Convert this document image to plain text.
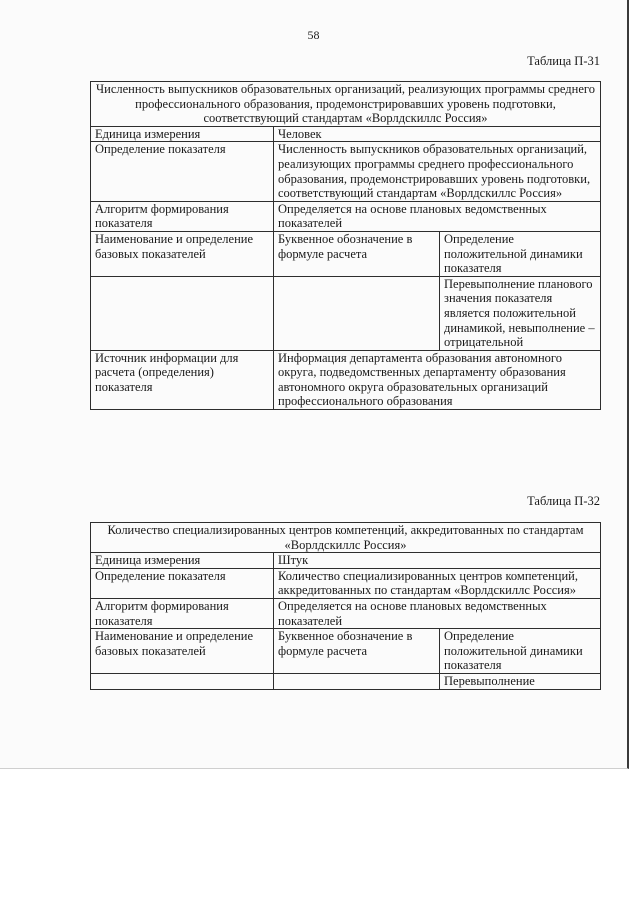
58
Таблица П-31
Численность выпускников образовательных организаций, реализующих программы среднего профессионального образования, продемонстрировавших уровень подготовки, соответствующий стандартам «Ворлдскиллс Россия»		
Единица измерения	Человек	
Определение показателя	Численность выпускников образовательных организаций, реализующих программы среднего профессионального образования, продемонстрировавших уровень подготовки, соответствующий стандартам «Ворлдскиллс Россия»	
Алгоритм формирования показателя	Определяется на основе плановых ведомственных показателей	
Наименование и определение базовых показателей	Буквенное обозначение в формуле расчета	Определение положительной динамики показателя
		Перевыполнение планового значения показателя является положительной динамикой, невыполнение – отрицательной
Источник информации для расчета (определения) показателя	Информация департамента образования автономного округа, подведомственных департаменту образования автономного округа образовательных организаций профессионального образования	
Таблица П-32
Количество специализированных центров компетенций, аккредитованных по стандартам «Ворлдскиллс Россия»		
Единица измерения	Штук	
Определение показателя	Количество специализированных центров компетенций, аккредитованных по стандартам «Ворлдскиллс Россия»	
Алгоритм формирования показателя	Определяется на основе плановых ведомственных показателей	
Наименование и определение базовых показателей	Буквенное обозначение в формуле расчета	Определение положительной динамики показателя
		Перевыполнение
